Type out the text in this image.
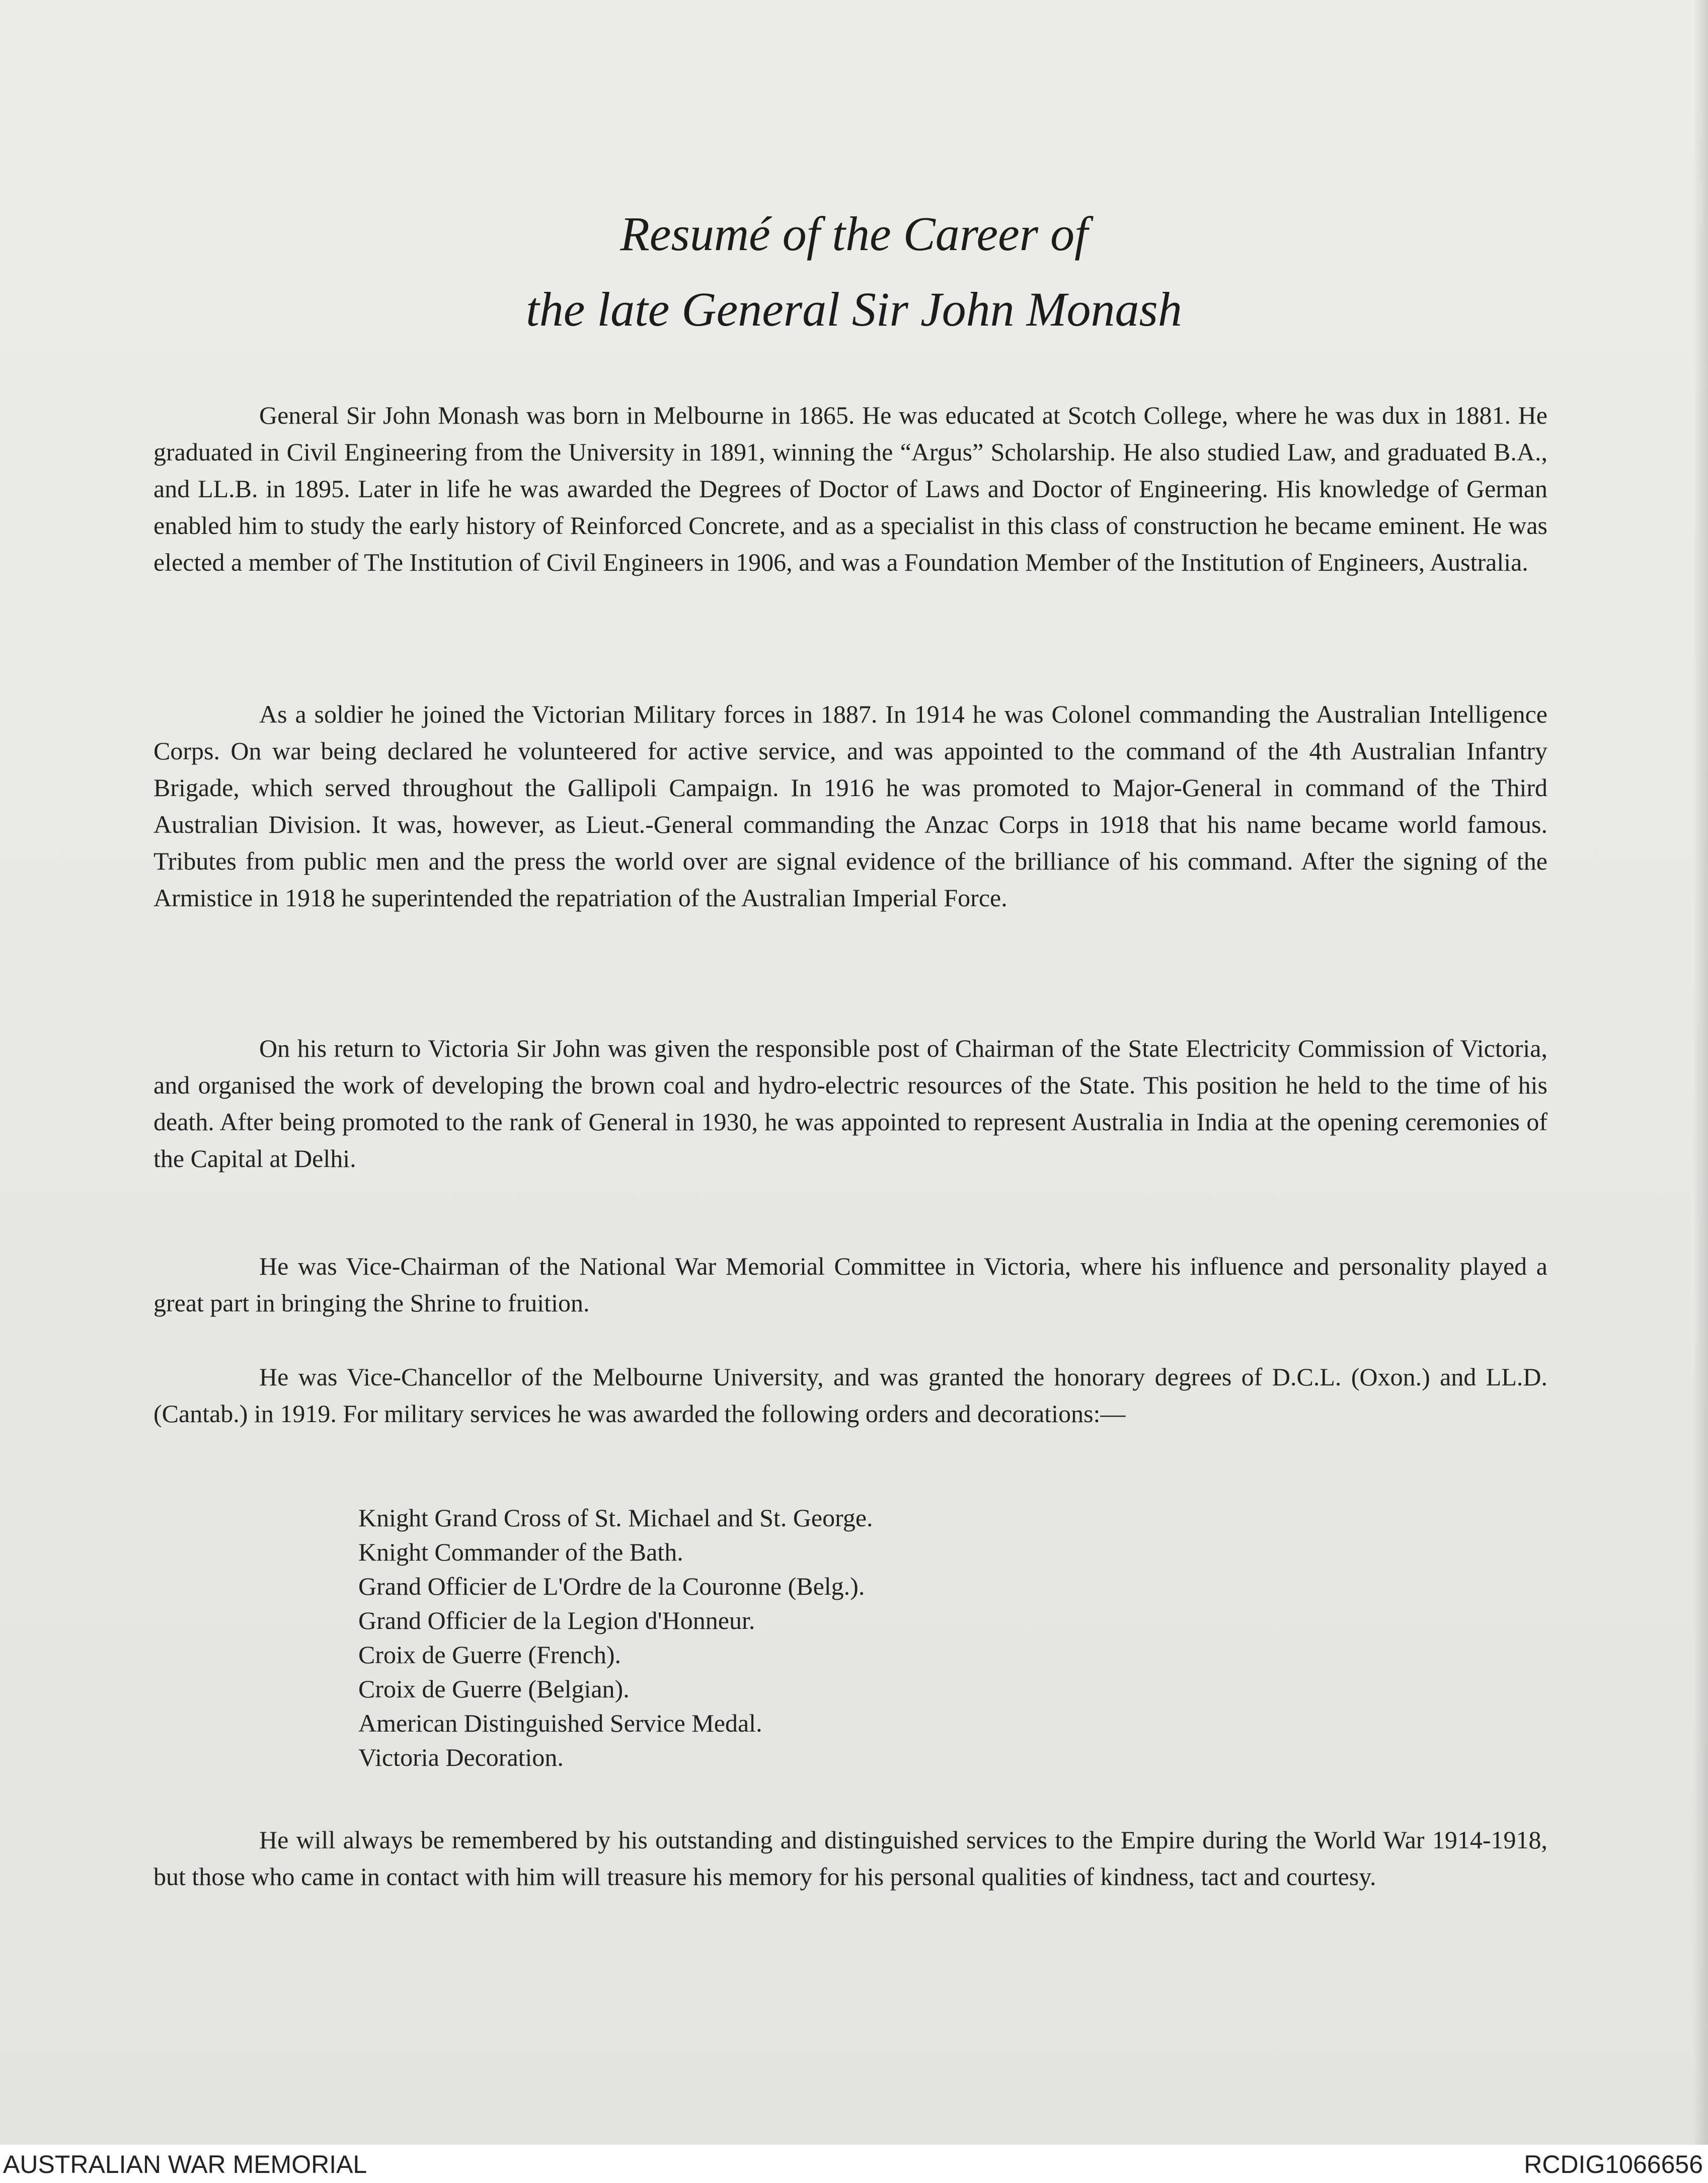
Resumé of the Career of
the late General Sir John Monash

General Sir John Monash was born in Melbourne in 1865. He was educated at Scotch College, where he was dux in 1881. He graduated in Civil Engineering from the University in 1891, winning the “Argus” Scholarship. He also studied Law, and graduated B.A., and LL.B. in 1895. Later in life he was awarded the Degrees of Doctor of Laws and Doctor of Engineering. His knowledge of German enabled him to study the early history of Reinforced Concrete, and as a specialist in this class of construction he became eminent. He was elected a member of The Institution of Civil Engineers in 1906, and was a Foundation Member of the Institution of Engineers, Australia.

As a soldier he joined the Victorian Military forces in 1887. In 1914 he was Colonel commanding the Australian Intelligence Corps. On war being declared he volunteered for active service, and was appointed to the command of the 4th Australian Infantry Brigade, which served throughout the Gallipoli Campaign. In 1916 he was promoted to Major-General in command of the Third Australian Division. It was, however, as Lieut.-General commanding the Anzac Corps in 1918 that his name became world famous. Tributes from public men and the press the world over are signal evidence of the brilliance of his command. After the signing of the Armistice in 1918 he superintended the repatriation of the Australian Imperial Force.

On his return to Victoria Sir John was given the responsible post of Chairman of the State Electricity Commission of Victoria, and organised the work of developing the brown coal and hydro-electric resources of the State. This position he held to the time of his death. After being promoted to the rank of General in 1930, he was appointed to represent Australia in India at the opening ceremonies of the Capital at Delhi.

He was Vice-Chairman of the National War Memorial Committee in Victoria, where his influence and personality played a great part in bringing the Shrine to fruition.

He was Vice-Chancellor of the Melbourne University, and was granted the honorary degrees of D.C.L. (Oxon.) and LL.D. (Cantab.) in 1919. For military services he was awarded the following orders and decorations:—

Knight Grand Cross of St. Michael and St. George.
Knight Commander of the Bath.
Grand Officier de L'Ordre de la Couronne (Belg.).
Grand Officier de la Legion d'Honneur.
Croix de Guerre (French).
Croix de Guerre (Belgian).
American Distinguished Service Medal.
Victoria Decoration.

He will always be remembered by his outstanding and distinguished services to the Empire during the World War 1914-1918, but those who came in contact with him will treasure his memory for his personal qualities of kindness, tact and courtesy.

AUSTRALIAN WAR MEMORIAL	RCDIG1066656
